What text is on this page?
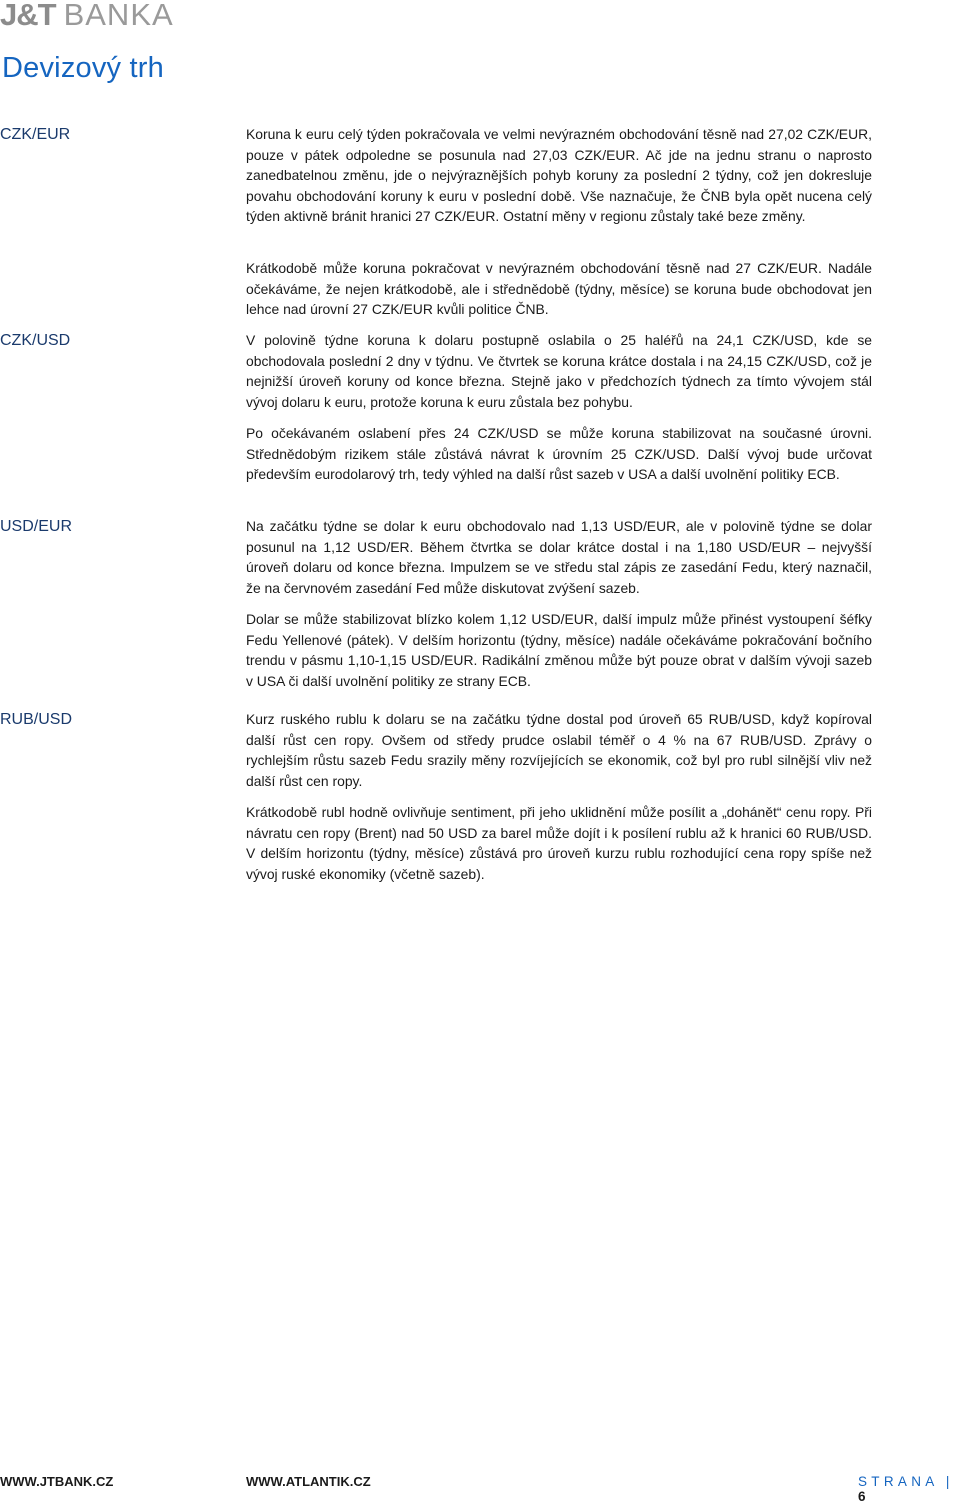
J&T BANKA
Devizový trh
CZK/EUR	Koruna k euru celý týden pokračovala ve velmi nevýrazném obchodování těsně nad 27,02 CZK/EUR, pouze v pátek odpoledne se posunula nad 27,03 CZK/EUR. Ač jde na jednu stranu o naprosto zanedbatelnou změnu, jde o nejvýraznějších pohyb koruny za poslední 2 týdny, což jen dokresluje povahu obchodování koruny k euru v poslední době. Vše naznačuje, že ČNB byla opět nucena celý týden aktivně bránit hranici 27 CZK/EUR. Ostatní měny v regionu zůstaly také beze změny.

Krátkodobě může koruna pokračovat v nevýrazném obchodování těsně nad 27 CZK/EUR. Nadále očekáváme, že nejen krátkodobě, ale i střednědobě (týdny, měsíce) se koruna bude obchodovat jen lehce nad úrovní 27 CZK/EUR kvůli politice ČNB.

CZK/USD	V polovině týdne koruna k dolaru postupně oslabila o 25 haléřů na 24,1 CZK/USD, kde se obchodovala poslední 2 dny v týdnu. Ve čtvrtek se koruna krátce dostala i na 24,15 CZK/USD, což je nejnižší úroveň koruny od konce března. Stejně jako v předchozích týdnech za tímto vývojem stál vývoj dolaru k euru, protože koruna k euru zůstala bez pohybu.

Po očekávaném oslabení přes 24 CZK/USD se může koruna stabilizovat na současné úrovni. Střednědobým rizikem stále zůstává návrat k úrovním 25 CZK/USD. Další vývoj bude určovat především eurodolarový trh, tedy výhled na další růst sazeb v USA a další uvolnění politiky ECB.

USD/EUR	Na začátku týdne se dolar k euru obchodovalo nad 1,13 USD/EUR, ale v polovině týdne se dolar posunul na 1,12 USD/ER. Během čtvrtka se dolar krátce dostal i na 1,180 USD/EUR – nejvyšší úroveň dolaru od konce března. Impulzem se ve středu stal zápis ze zasedání Fedu, který naznačil, že na červnovém zasedání Fed může diskutovat zvýšení sazeb.

Dolar se může stabilizovat blízko kolem 1,12 USD/EUR, další impulz může přinést vystoupení šéfky Fedu Yellenové (pátek). V delším horizontu (týdny, měsíce) nadále očekáváme pokračování bočního trendu v pásmu 1,10-1,15 USD/EUR. Radikální změnou může být pouze obrat v dalším vývoji sazeb v USA či další uvolnění politiky ze strany ECB.

RUB/USD	Kurz ruského rublu k dolaru se na začátku týdne dostal pod úroveň 65 RUB/USD, když kopíroval další růst cen ropy. Ovšem od středy prudce oslabil téměř o 4 % na 67 RUB/USD. Zprávy o rychlejším růstu sazeb Fedu srazily měny rozvíjejících se ekonomik, což byl pro rubl silnější vliv než další růst cen ropy.

Krátkodobě rubl hodně ovlivňuje sentiment, při jeho uklidnění může posílit a „dohánět“ cenu ropy. Při návratu cen ropy (Brent) nad 50 USD za barel může dojít i k posílení rublu až k hranici 60 RUB/USD. V delším horizontu (týdny, měsíce) zůstává pro úroveň kurzu rublu rozhodující cena ropy spíše než vývoj ruské ekonomiky (včetně sazeb).

WWW.JTBANK.CZ	WWW.ATLANTIK.CZ	STRANA | 6
